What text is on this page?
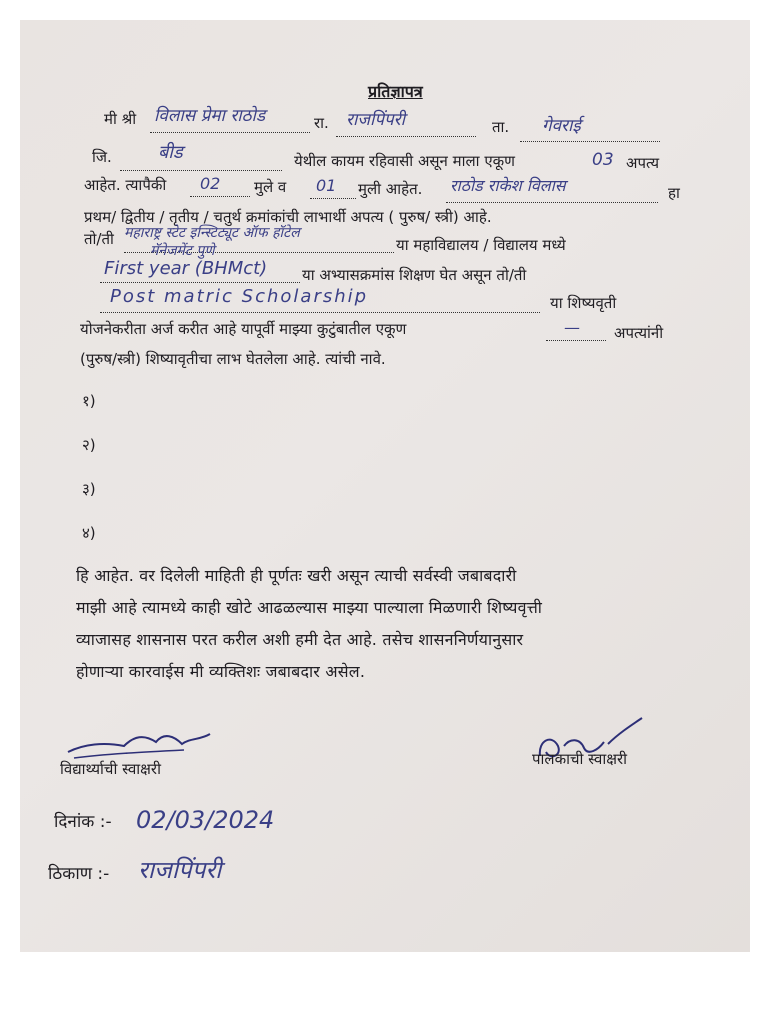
प्रतिज्ञापत्र
मी श्री विलास प्रेमा राठोड	रा. राजपिंपरी	ता. गेवराई
जि.	बीड	येथील कायम रहिवासी असून माला एकूण	03 अपत्य
आहेत. त्यापैकी 02 मुले व 01 मुली आहेत. राठोड राकेश विलास	हा
प्रथम/ द्वितीय / तृतीय / चतुर्थ क्रमांकांची लाभार्थी अपत्य ( पुरुष/ स्त्री) आहे.
तो/ती महाराष्ट्र स्टेट इन्स्टिट्यूट ऑफ हॉटेल
मॅनेजमेंट पुणे	या महाविद्यालय / विद्यालय मध्ये
First year (BHMct) या अभ्यासक्रमांस शिक्षण घेत असून तो/ती
Post matric Scholarship	या शिष्यवृती
योजनेकरीता अर्ज करीत आहे यापूर्वी माझ्या कुटुंबातील एकूण	— अपत्यांनी
(पुरुष/स्त्री) शिष्यावृतीचा लाभ घेतलेला आहे. त्यांची नावे.
१)
२)
३)
४)
हि आहेत. वर दिलेली माहिती ही पूर्णतः खरी असून त्याची सर्वस्वी जबाबदारी
माझी आहे त्यामध्ये काही खोटे आढळल्यास माझ्या पाल्याला मिळणारी शिष्यवृत्ती
व्याजासह शासनास परत करील अशी हमी देत आहे. तसेच शासननिर्णयानुसार
होणाऱ्या कारवाईस मी व्यक्तिशः जबाबदार असेल.
विद्यार्थ्याची स्वाक्षरी
पालकाची स्वाक्षरी
दिनांक :- 02/03/2024
ठिकाण :- राजपिंपरी
